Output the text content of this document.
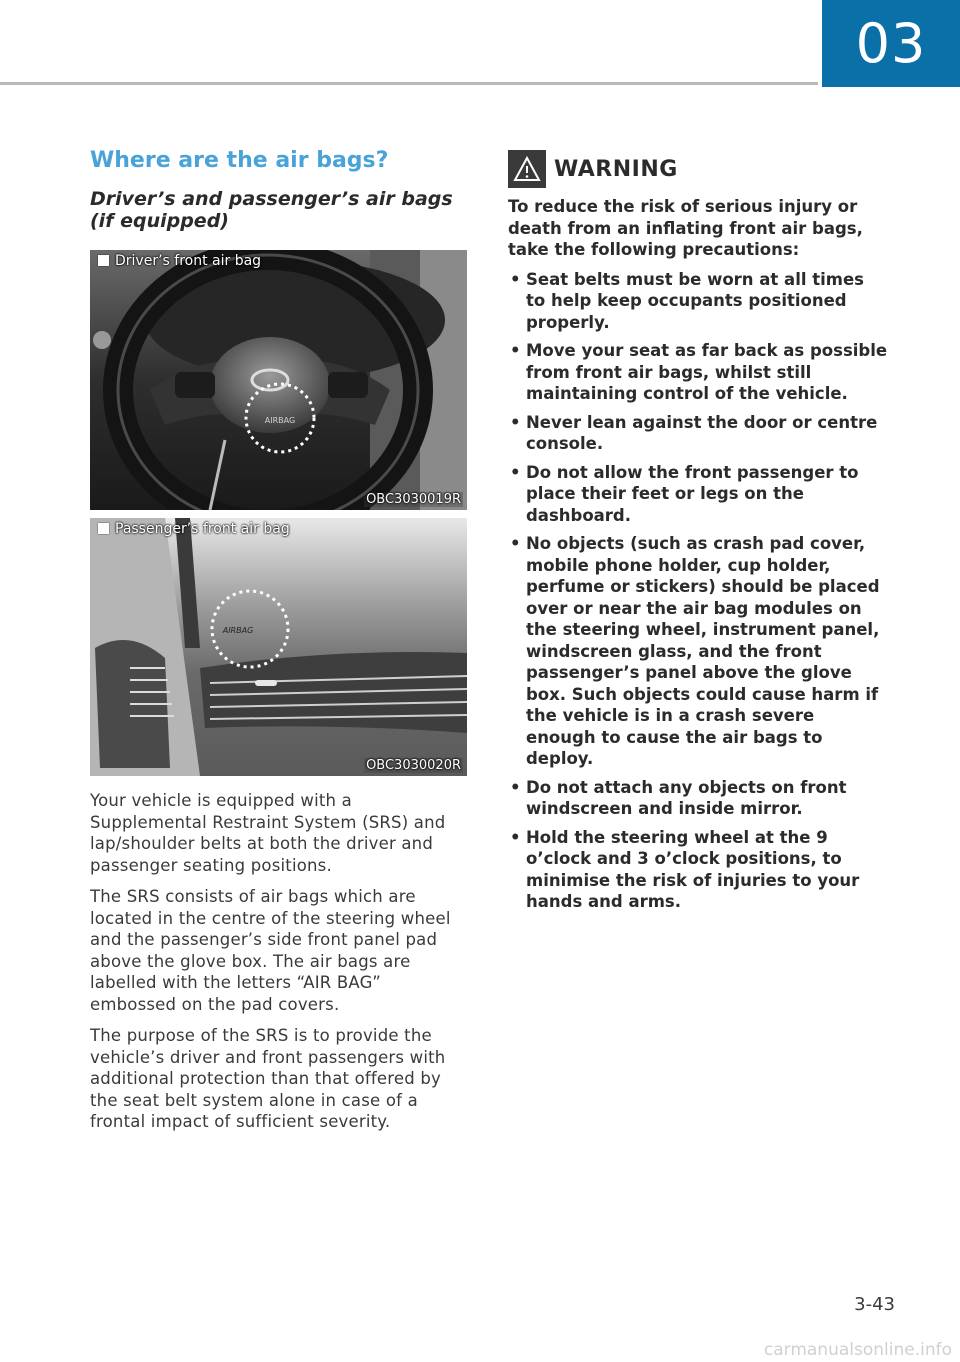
03
Where are the air bags?
Driver’s and passenger’s air bags (if equipped)
Driver’s front air bag
AIRBAG
OBC3030019R
Passenger’s front air bag
AIRBAG
OBC3030020R

Your vehicle is equipped with a Supplemental Restraint System (SRS) and lap/shoulder belts at both the driver and passenger seating positions.

The SRS consists of air bags which are located in the centre of the steering wheel and the passenger’s side front panel pad above the glove box. The air bags are labelled with the letters “AIR BAG” embossed on the pad covers.

The purpose of the SRS is to provide the vehicle’s driver and front passengers with additional protection than that offered by the seat belt system alone in case of a frontal impact of sufficient severity.

WARNING

To reduce the risk of serious injury or death from an inflating front air bags, take the following precautions:

• Seat belts must be worn at all times to help keep occupants positioned properly.
• Move your seat as far back as possible from front air bags, whilst still maintaining control of the vehicle.
• Never lean against the door or centre console.
• Do not allow the front passenger to place their feet or legs on the dashboard.
• No objects (such as crash pad cover, mobile phone holder, cup holder, perfume or stickers) should be placed over or near the air bag modules on the steering wheel, instrument panel, windscreen glass, and the front passenger’s panel above the glove box. Such objects could cause harm if the vehicle is in a crash severe enough to cause the air bags to deploy.
• Do not attach any objects on front windscreen and inside mirror.
• Hold the steering wheel at the 9 o’clock and 3 o’clock positions, to minimise the risk of injuries to your hands and arms.
3-43
carmanualsonline.info
